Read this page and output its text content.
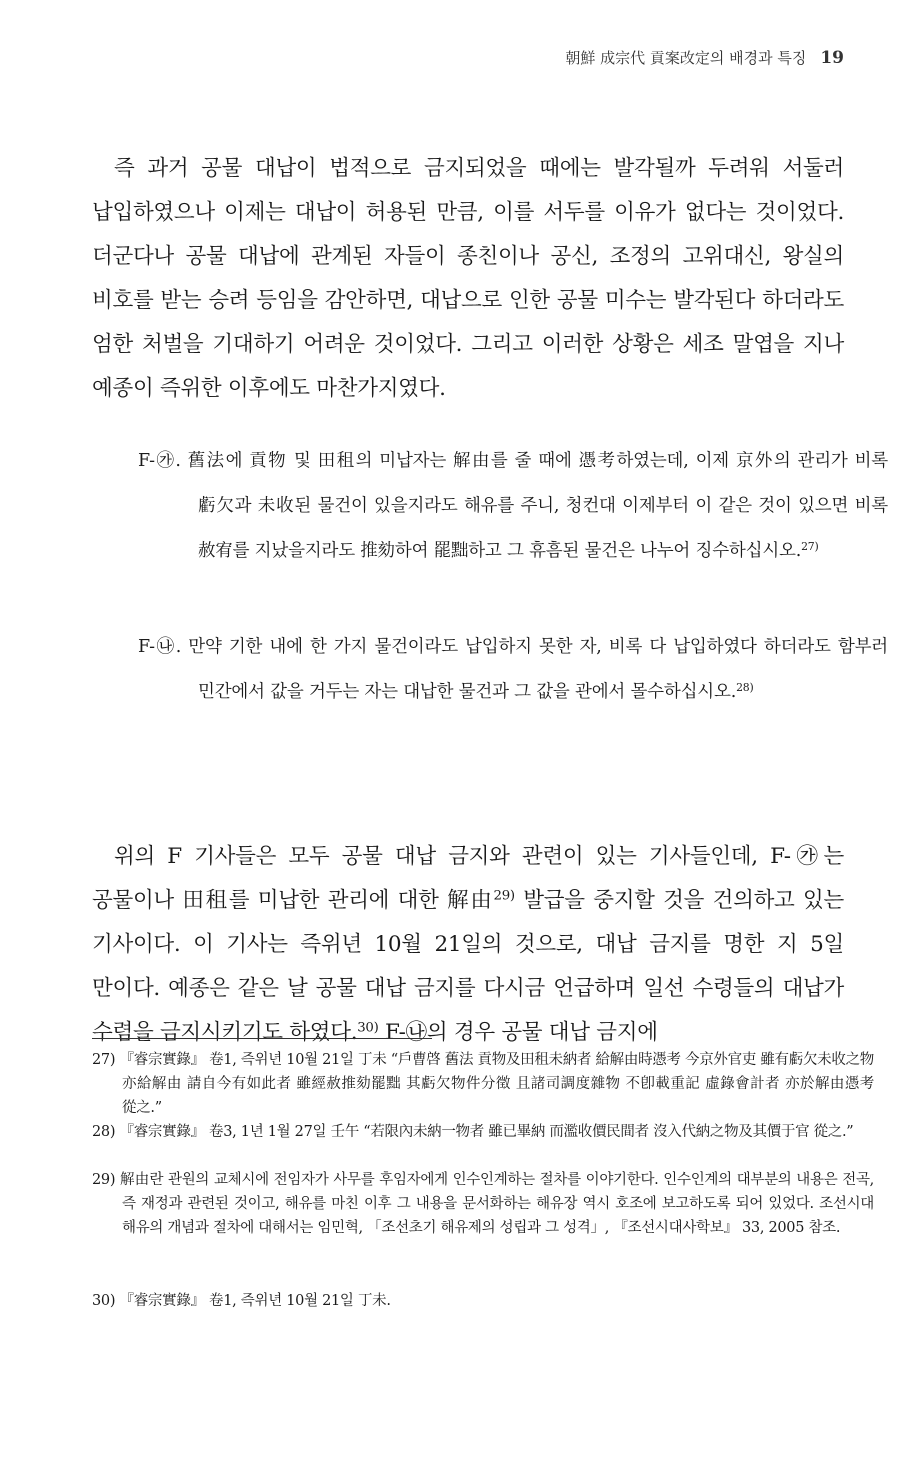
朝鮮 成宗代 貢案改定의 배경과 특징 19

즉 과거 공물 대납이 법적으로 금지되었을 때에는 발각될까 두려워 서둘러 납입하였으나 이제는 대납이 허용된 만큼, 이를 서두를 이유가 없다는 것이었다. 더군다나 공물 대납에 관계된 자들이 종친이나 공신, 조정의 고위대신, 왕실의 비호를 받는 승려 등임을 감안하면, 대납으로 인한 공물 미수는 발각된다 하더라도 엄한 처벌을 기대하기 어려운 것이었다. 그리고 이러한 상황은 세조 말엽을 지나 예종이 즉위한 이후에도 마찬가지였다.

F-㉮. 舊法에 貢物 및 田租의 미납자는 解由를 줄 때에 憑考하였는데, 이제 京外의 관리가 비록 虧欠과 未收된 물건이 있을지라도 해유를 주니, 청컨대 이제부터 이 같은 것이 있으면 비록 赦宥를 지났을지라도 推劾하여 罷黜하고 그 휴흠된 물건은 나누어 징수하십시오.$^{27)}$
F-㉯. 만약 기한 내에 한 가지 물건이라도 납입하지 못한 자, 비록 다 납입하였다 하더라도 함부러 민간에서 값을 거두는 자는 대납한 물건과 그 값을 관에서 몰수하십시오.$^{28)}$

위의 F 기사들은 모두 공물 대납 금지와 관련이 있는 기사들인데, F-㉮는 공물이나 田租를 미납한 관리에 대한 解由$^{29)}$ 발급을 중지할 것을 건의하고 있는 기사이다. 이 기사는 즉위년 10월 21일의 것으로, 대납 금지를 명한 지 5일 만이다. 예종은 같은 날 공물 대납 금지를 다시금 언급하며 일선 수령들의 대납가 수렴을 금지시키기도 하였다.$^{30)}$ F-㉯의 경우 공물 대납 금지에

27) 『睿宗實錄』 卷1, 즉위년 10월 21일 丁未 “戶曹啓 舊法 貢物及田租未納者 給解由時憑考 今京外官吏 雖有虧欠未收之物 亦給解由 請自今有如此者 雖經赦推劾罷黜 其虧欠物件分徵 且諸司調度雜物 不卽載重記 虛錄會計者 亦於解由憑考 從之.”
28) 『睿宗實錄』 卷3, 1년 1월 27일 壬午 “若限內未納一物者 雖已畢納 而濫收價民間者 沒入代納之物及其價于官 從之.”
29) 解由란 관원의 교체시에 전임자가 사무를 후임자에게 인수인계하는 절차를 이야기한다. 인수인계의 대부분의 내용은 전곡, 즉 재정과 관련된 것이고, 해유를 마친 이후 그 내용을 문서화하는 해유장 역시 호조에 보고하도록 되어 있었다. 조선시대 해유의 개념과 절차에 대해서는 임민혁, 「조선초기 해유제의 성립과 그 성격」, 『조선시대사학보』 33, 2005 참조.
30) 『睿宗實錄』 卷1, 즉위년 10월 21일 丁未.
